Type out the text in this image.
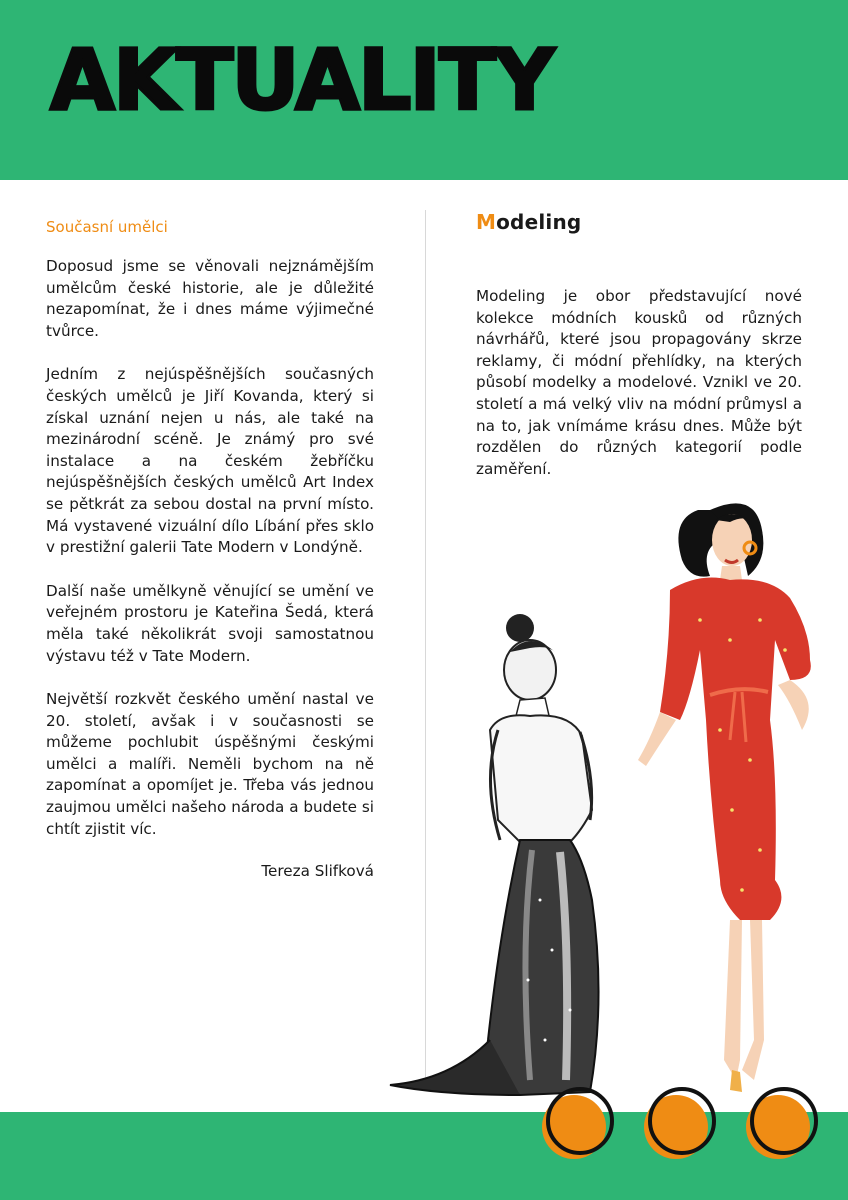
AKTUALITY
Současní umělci

Doposud jsme se věnovali nejznámějším umělcům české historie, ale je důležité nezapomínat, že i dnes máme výjimečné tvůrce.

Jedním z nejúspěšnějších současných českých umělců je Jiří Kovanda, který si získal uznání nejen u nás, ale také na mezinárodní scéně. Je známý pro své instalace a na českém žebříčku nejúspěšnějších českých umělců Art Index se pětkrát za sebou dostal na první místo. Má vystavené vizuální dílo Líbání přes sklo v prestižní galerii Tate Modern v Londýně.

Další naše umělkyně věnující se umění ve veřejném prostoru je Kateřina Šedá, která měla také několikrát svoji samostatnou výstavu též v Tate Modern.

Největší rozkvět českého umění nastal ve 20. století, avšak i v současnosti se můžeme pochlubit úspěšnými českými umělci a malíři. Neměli bychom na ně zapomínat a opomíjet je. Třeba vás jednou zaujmou umělci našeho národa a budete si chtít zjistit víc.

Tereza Slifková
Modeling

Modeling je obor představující nové kolekce módních kousků od různých návrhářů, které jsou propagovány skrze reklamy, či módní přehlídky, na kterých působí modelky a modelové. Vznikl ve 20. století a má velký vliv na módní průmysl a na to, jak vnímáme krásu dnes. Může být rozdělen do různých kategorií podle zaměření.
